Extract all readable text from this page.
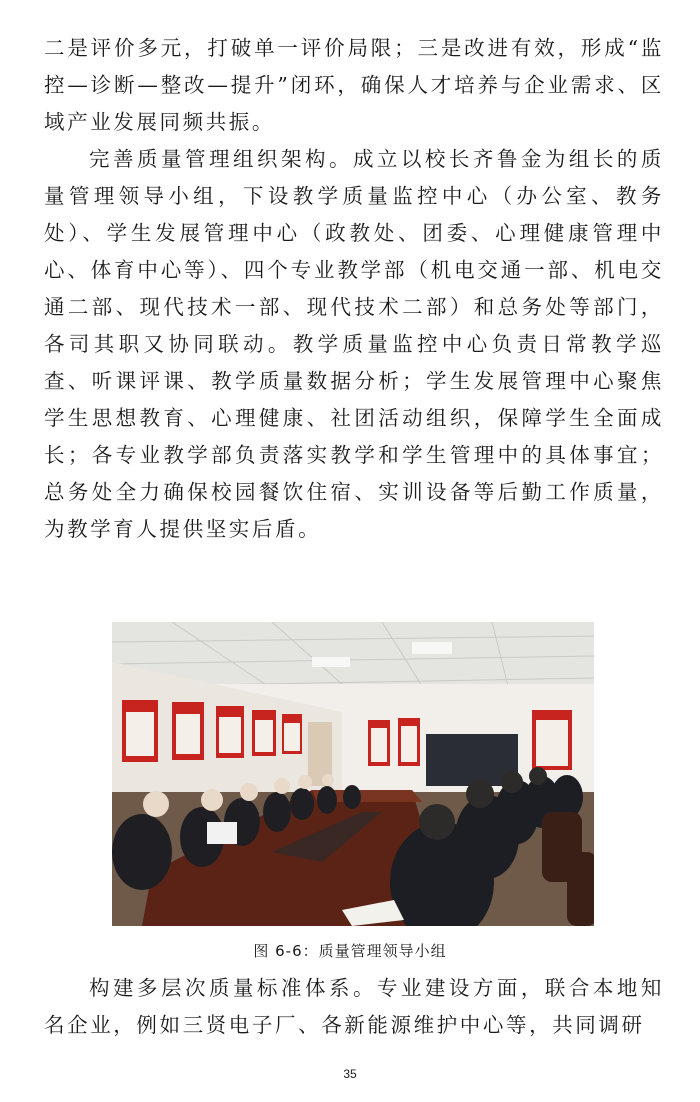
二是评价多元，打破单一评价局限；三是改进有效，形成“监控—诊断—整改—提升”闭环，确保人才培养与企业需求、区域产业发展同频共振。

完善质量管理组织架构。成立以校长齐鲁金为组长的质量管理领导小组，下设教学质量监控中心（办公室、教务处）、学生发展管理中心（政教处、团委、心理健康管理中心、体育中心等）、四个专业教学部（机电交通一部、机电交通二部、现代技术一部、现代技术二部）和总务处等部门，各司其职又协同联动。教学质量监控中心负责日常教学巡查、听课评课、教学质量数据分析；学生发展管理中心聚焦学生思想教育、心理健康、社团活动组织，保障学生全面成长；各专业教学部负责落实教学和学生管理中的具体事宜；总务处全力确保校园餐饮住宿、实训设备等后勤工作质量，为教学育人提供坚实后盾。

图 6-6：质量管理领导小组

构建多层次质量标准体系。专业建设方面，联合本地知名企业，例如三贤电子厂、各新能源维护中心等，共同调研

35
